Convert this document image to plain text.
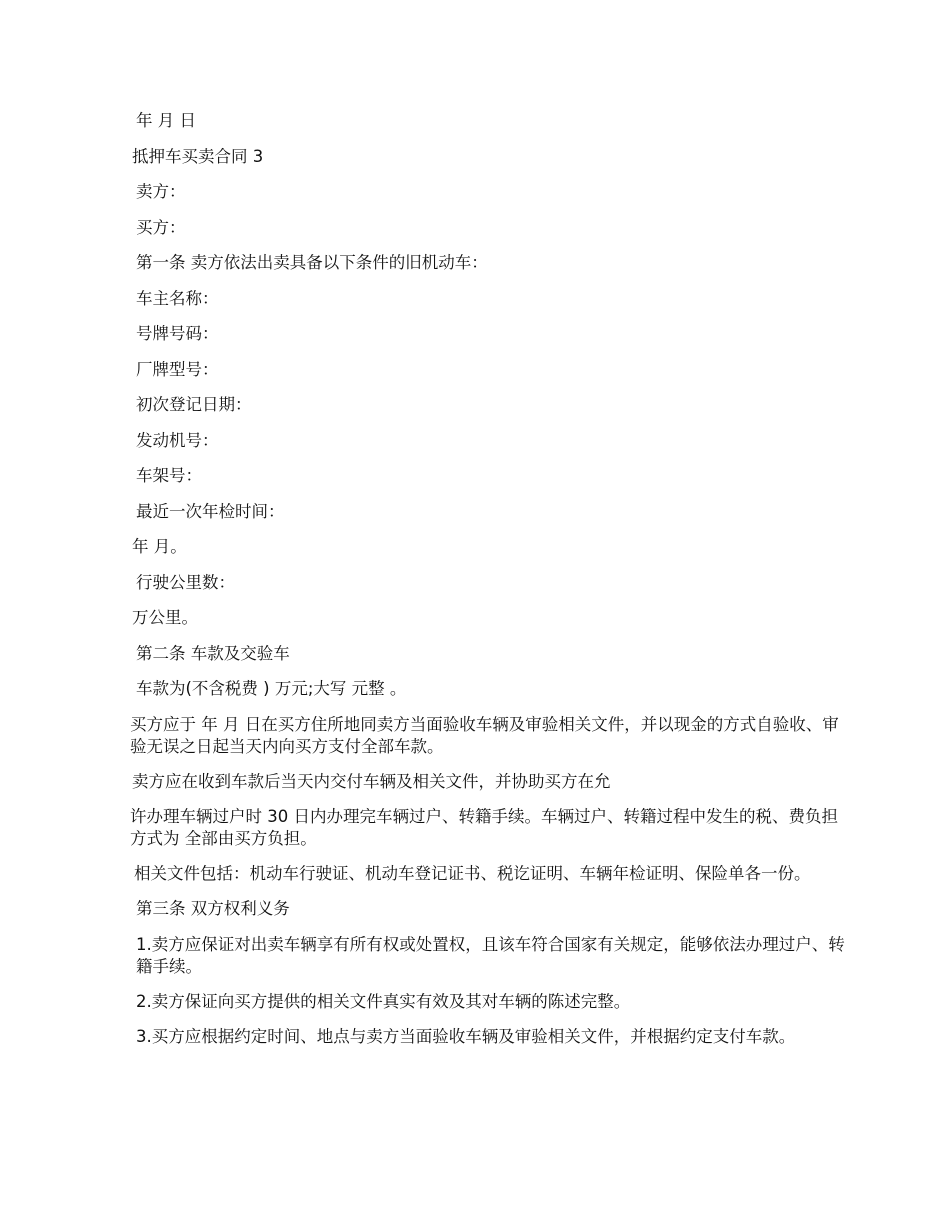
年 月 日

抵押车买卖合同 3

卖方：

买方：

第一条 卖方依法出卖具备以下条件的旧机动车：

车主名称：

号牌号码：

厂牌型号：

初次登记日期：

发动机号：

车架号：

最近一次年检时间：

年 月。

行驶公里数：

万公里。

第二条 车款及交验车

车款为(不含税费 ) 万元;大写 元整 。

买方应于 年 月 日在买方住所地同卖方当面验收车辆及审验相关文件，并以现金的方式自验收、审验无误之日起当天内向买方支付全部车款。

卖方应在收到车款后当天内交付车辆及相关文件，并协助买方在允

许办理车辆过户时 30 日内办理完车辆过户、转籍手续。车辆过户、转籍过程中发生的税、费负担方式为 全部由买方负担。

相关文件包括：机动车行驶证、机动车登记证书、税讫证明、车辆年检证明、保险单各一份。

第三条 双方权利义务

1.卖方应保证对出卖车辆享有所有权或处置权，且该车符合国家有关规定，能够依法办理过户、转籍手续。

2.卖方保证向买方提供的相关文件真实有效及其对车辆的陈述完整。

3.买方应根据约定时间、地点与卖方当面验收车辆及审验相关文件，并根据约定支付车款。
